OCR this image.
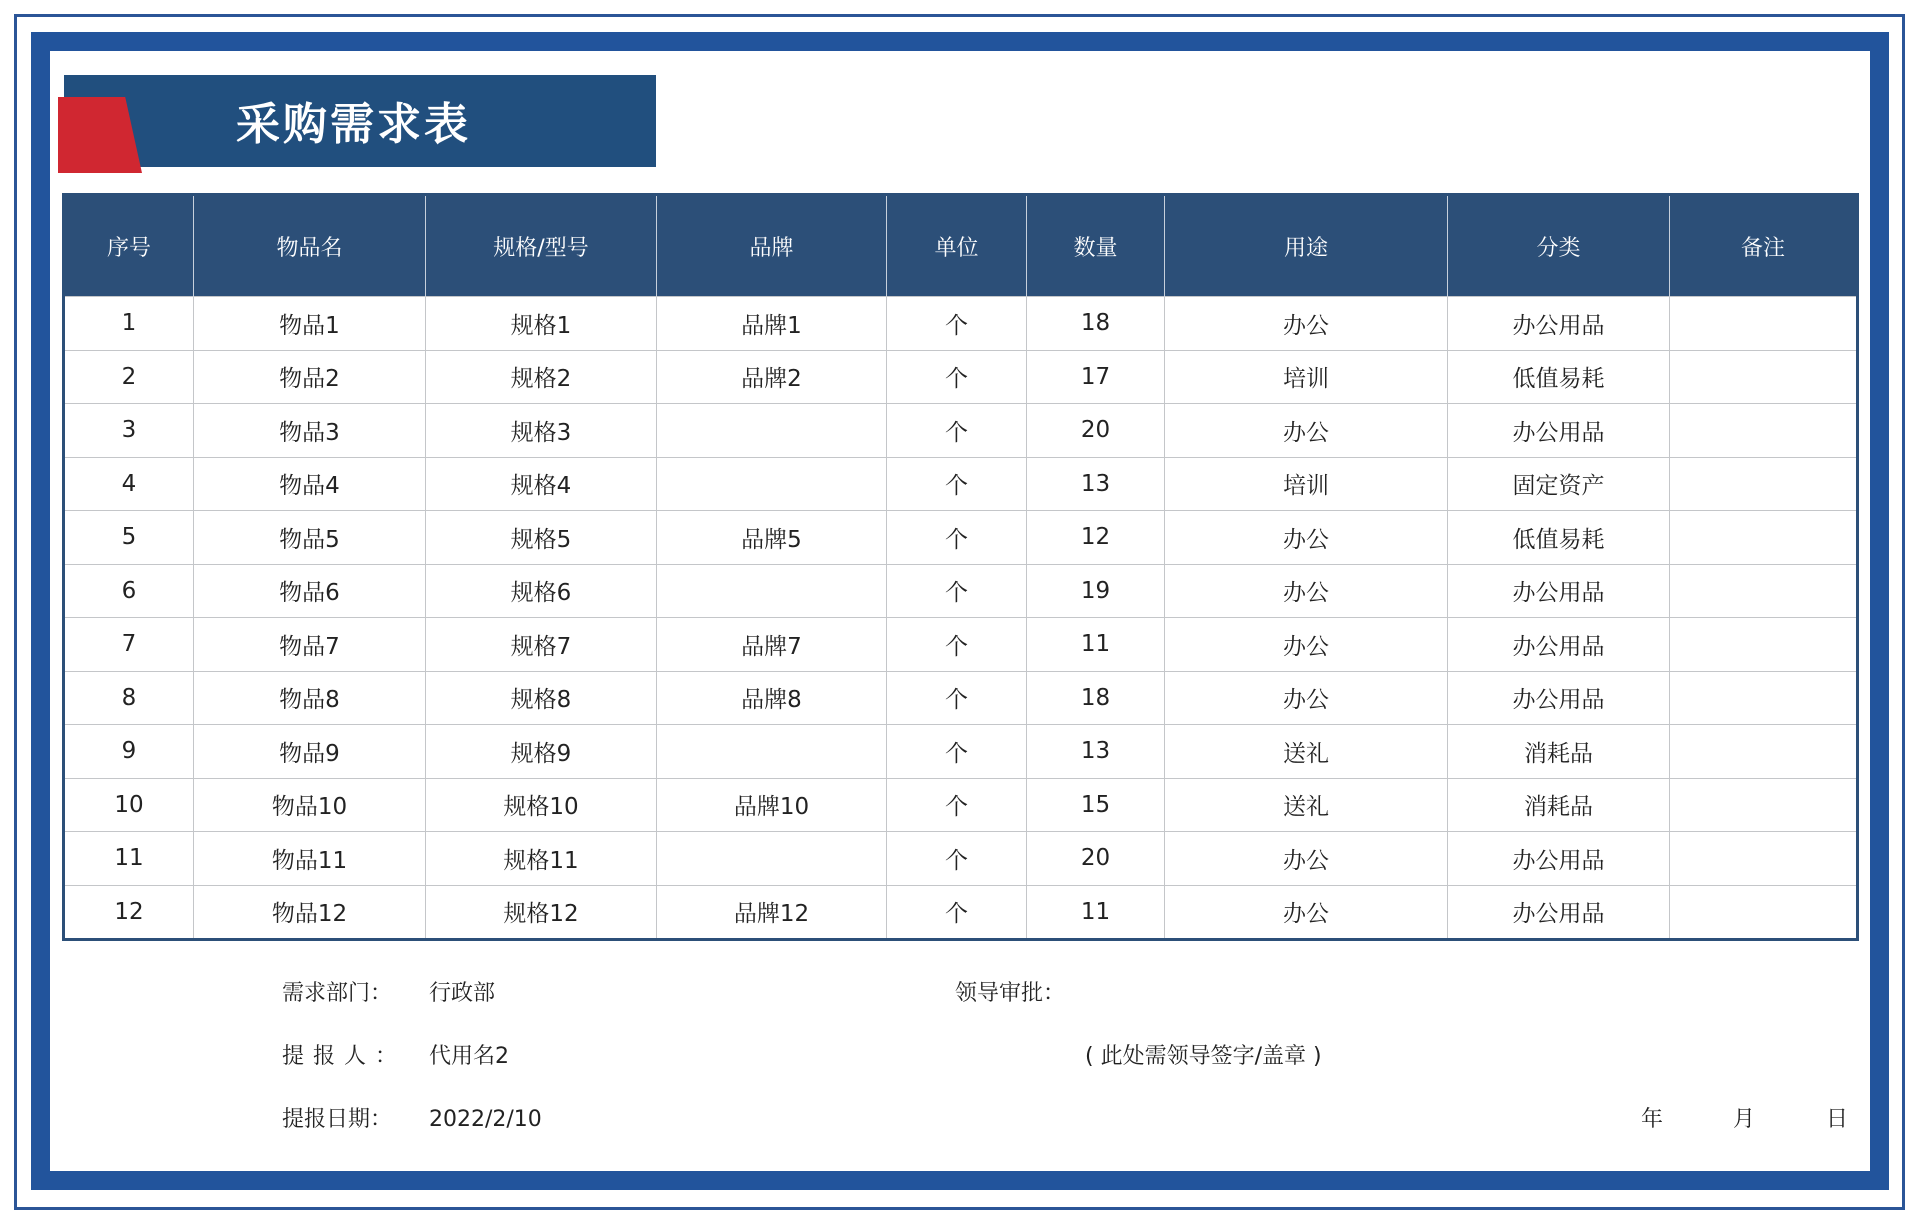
采购需求表
序号	物品名	规格/型号	品牌	单位	数量	用途	分类	备注
1	物品1	规格1	品牌1	个	18	办公	办公用品	
2	物品2	规格2	品牌2	个	17	培训	低值易耗	
3	物品3	规格3		个	20	办公	办公用品	
4	物品4	规格4		个	13	培训	固定资产	
5	物品5	规格5	品牌5	个	12	办公	低值易耗	
6	物品6	规格6		个	19	办公	办公用品	
7	物品7	规格7	品牌7	个	11	办公	办公用品	
8	物品8	规格8	品牌8	个	18	办公	办公用品	
9	物品9	规格9		个	13	送礼	消耗品	
10	物品10	规格10	品牌10	个	15	送礼	消耗品	
11	物品11	规格11		个	20	办公	办公用品	
12	物品12	规格12	品牌12	个	11	办公	办公用品	
需求部门： 行政部
提 报 人 ： 代用名2
提报日期： 2022/2/10
领导审批：
( 此处需领导签字/盖章 )
年	月	日
